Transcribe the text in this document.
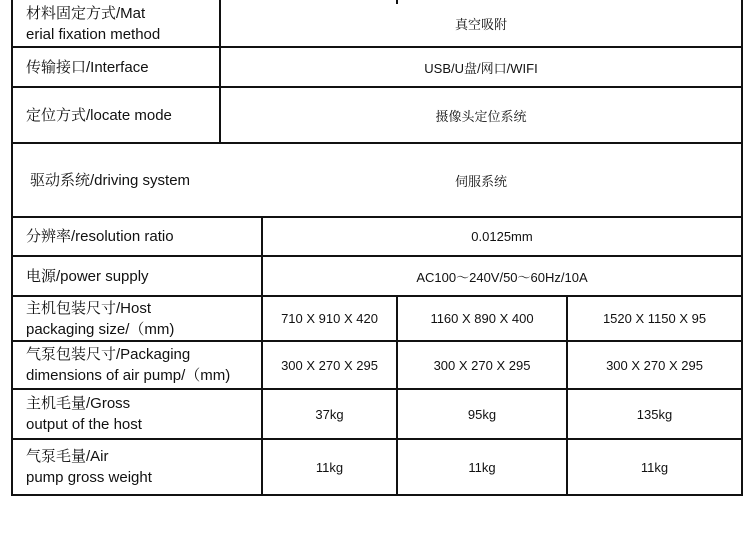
材料固定方式/Mat
erial fixation method
真空吸附
传输接口/Interface	USB/U盘/网口/WIFI
定位方式/locate mode	摄像头定位系统
驱动系统/driving system	伺服系统
分辨率/resolution ratio	0.0125mm
电源/power supply	AC100～240V/50～60Hz/10A
主机包装尺寸/Host
packaging size/（mm)
710 X 910 X 420	1160 X 890 X 400	1520 X 1150 X 95
气泵包装尺寸/Packaging
dimensions of air pump/（mm)
300 X 270 X 295	300 X 270 X 295	300 X 270 X 295
主机毛量/Gross
output of the host
37kg	95kg	135kg
气泵毛量/Air
pump gross weight
11kg	11kg	11kg
